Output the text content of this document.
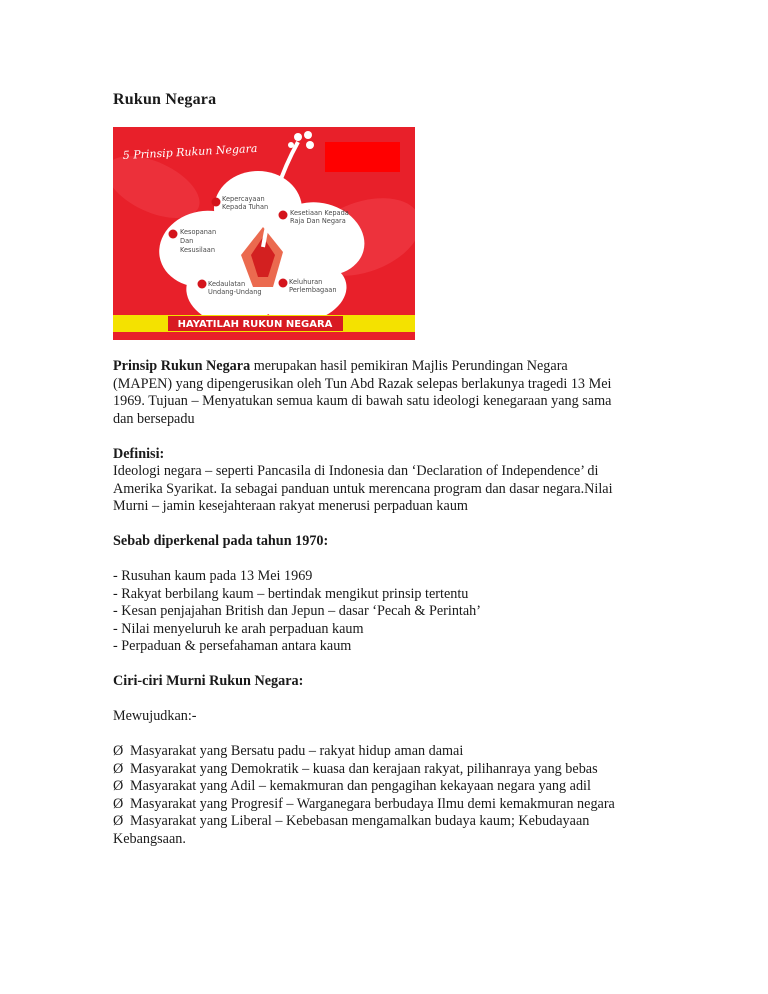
Rukun Negara
5 Prinsip Rukun Negara
Kepercayaan
Kepada Tuhan
Kesetiaan Kepada
Raja Dan Negara
Kesopanan
Dan
Kesusilaan
Kedaulatan
Undang-Undang
Keluhuran
Perlembagaan
HAYATILAH RUKUN NEGARA

Prinsip Rukun Negara merupakan hasil pemikiran Majlis Perundingan Negara

(MAPEN) yang dipengerusikan oleh Tun Abd Razak selepas berlakunya tragedi 13 Mei

1969. Tujuan – Menyatukan semua kaum di bawah satu ideologi kenegaraan yang sama

dan bersepadu

Definisi:

Ideologi negara – seperti Pancasila di Indonesia dan ‘Declaration of Independence’ di

Amerika Syarikat. Ia sebagai panduan untuk merencana program dan dasar negara.Nilai

Murni – jamin kesejahteraan rakyat menerusi perpaduan kaum

Sebab diperkenal pada tahun 1970:

- Rusuhan kaum pada 13 Mei 1969

- Rakyat berbilang kaum – bertindak mengikut prinsip tertentu

- Kesan penjajahan British dan Jepun – dasar ‘Pecah & Perintah’

- Nilai menyeluruh ke arah perpaduan kaum

- Perpaduan & persefahaman antara kaum

Ciri-ciri Murni Rukun Negara:

Mewujudkan:-

Ø Masyarakat yang Bersatu padu – rakyat hidup aman damai

Ø Masyarakat yang Demokratik – kuasa dan kerajaan rakyat, pilihanraya yang bebas

Ø Masyarakat yang Adil – kemakmuran dan pengagihan kekayaan negara yang adil

Ø Masyarakat yang Progresif – Warganegara berbudaya Ilmu demi kemakmuran negara

Ø Masyarakat yang Liberal – Kebebasan mengamalkan budaya kaum; Kebudayaan

Kebangsaan.
